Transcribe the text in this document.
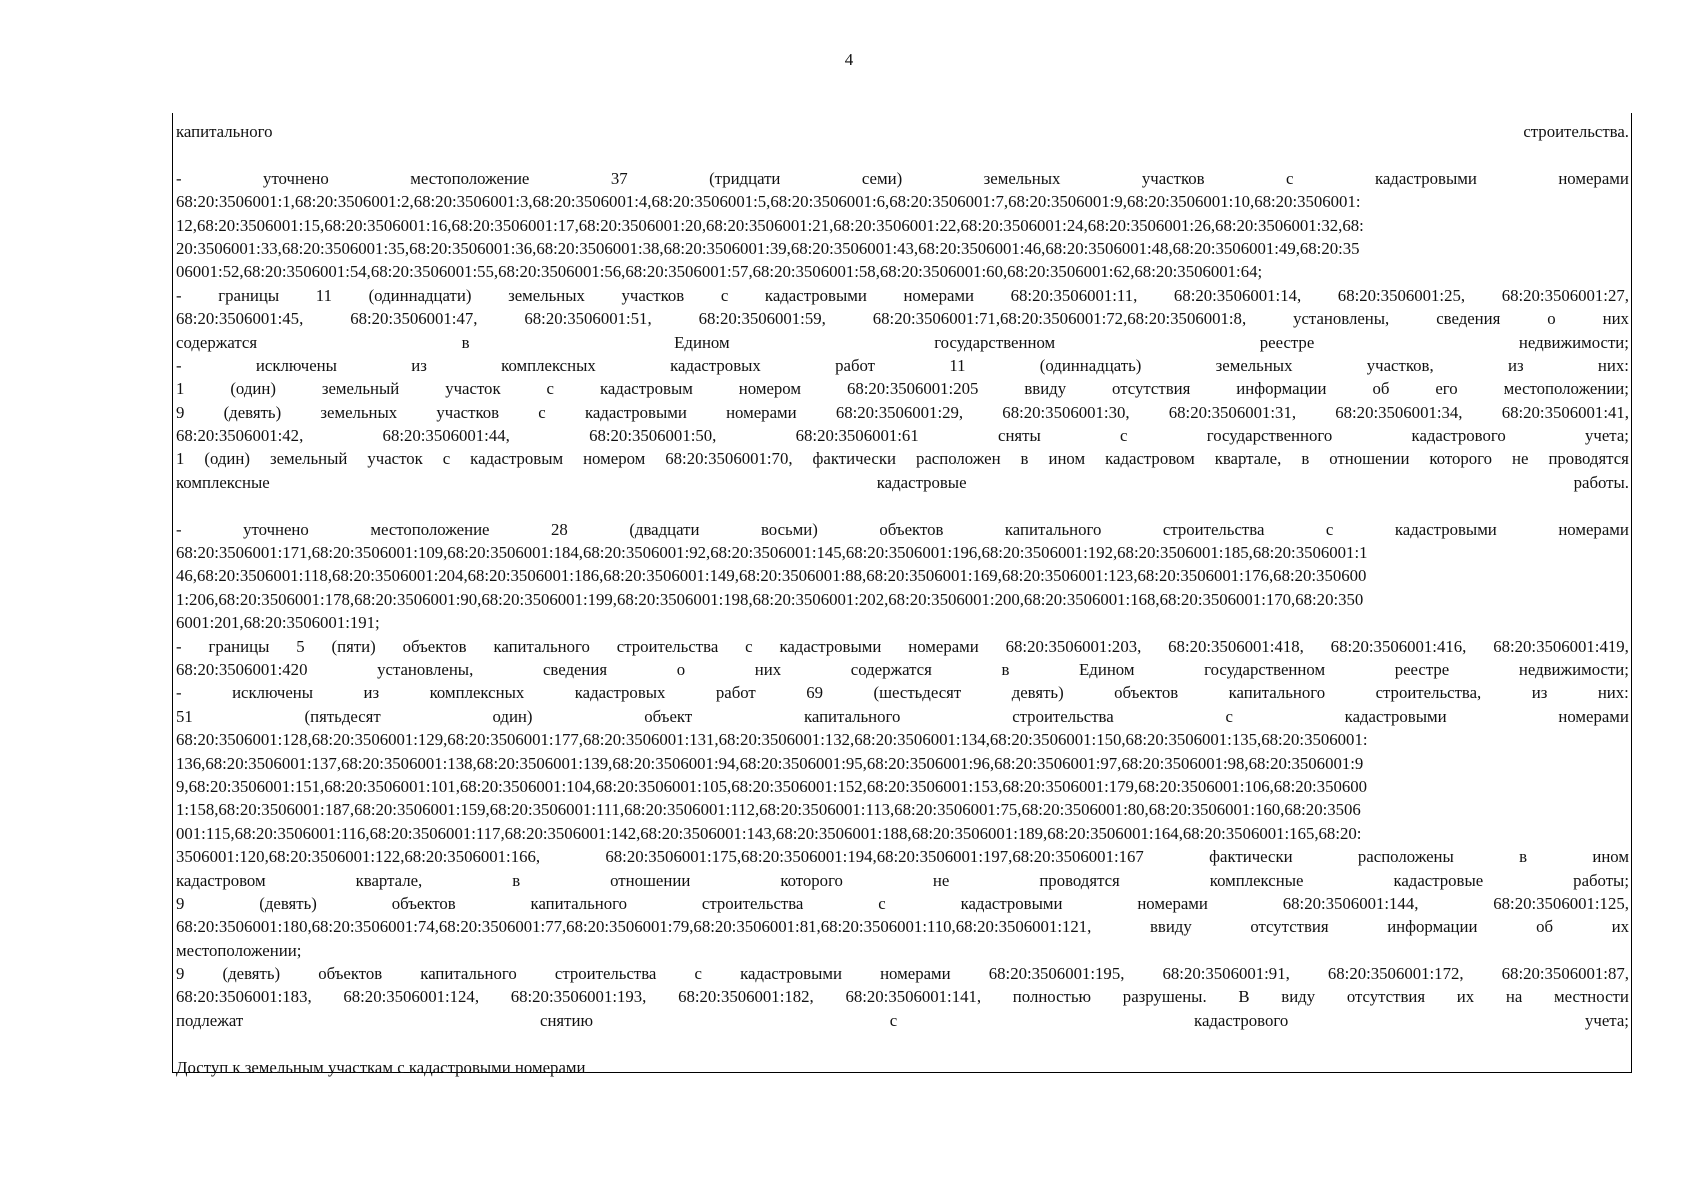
4
капитального	строительства.
-	уточнено	местоположение	37	(тридцати	семи)	земельных	участков	с	кадастровыми	номерами
68:20:3506001:1,68:20:3506001:2,68:20:3506001:3,68:20:3506001:4,68:20:3506001:5,68:20:3506001:6,68:20:3506001:7,68:20:3506001:9,68:20:3506001:10,68:20:3506001:
12,68:20:3506001:15,68:20:3506001:16,68:20:3506001:17,68:20:3506001:20,68:20:3506001:21,68:20:3506001:22,68:20:3506001:24,68:20:3506001:26,68:20:3506001:32,68:
20:3506001:33,68:20:3506001:35,68:20:3506001:36,68:20:3506001:38,68:20:3506001:39,68:20:3506001:43,68:20:3506001:46,68:20:3506001:48,68:20:3506001:49,68:20:35
06001:52,68:20:3506001:54,68:20:3506001:55,68:20:3506001:56,68:20:3506001:57,68:20:3506001:58,68:20:3506001:60,68:20:3506001:62,68:20:3506001:64;
- границы 11 (одиннадцати) земельных участков с кадастровыми номерами 68:20:3506001:11, 68:20:3506001:14, 68:20:3506001:25, 68:20:3506001:27,
68:20:3506001:45,	68:20:3506001:47,	68:20:3506001:51,	68:20:3506001:59,	68:20:3506001:71,68:20:3506001:72,68:20:3506001:8,	установлены,	сведения	о	них
содержатся	в	Едином	государственном	реестре	недвижимости;
-	исключены	из	комплексных	кадастровых	работ	11	(одиннадцать)	земельных	участков,	из	них:
1	(один)	земельный	участок	с	кадастровым	номером	68:20:3506001:205	ввиду	отсутствия	информации	об	его	местоположении;
9 (девять) земельных участков с кадастровыми номерами 68:20:3506001:29, 68:20:3506001:30, 68:20:3506001:31, 68:20:3506001:34, 68:20:3506001:41,
68:20:3506001:42,	68:20:3506001:44,	68:20:3506001:50,	68:20:3506001:61	сняты	с	государственного	кадастрового	учета;
1 (один) земельный участок с кадастровым номером 68:20:3506001:70, фактически расположен в ином кадастровом квартале, в отношении которого не проводятся
комплексные	кадастровые	работы.
-	уточнено	местоположение	28	(двадцати	восьми)	объектов	капитального	строительства	с	кадастровыми	номерами
68:20:3506001:171,68:20:3506001:109,68:20:3506001:184,68:20:3506001:92,68:20:3506001:145,68:20:3506001:196,68:20:3506001:192,68:20:3506001:185,68:20:3506001:1
46,68:20:3506001:118,68:20:3506001:204,68:20:3506001:186,68:20:3506001:149,68:20:3506001:88,68:20:3506001:169,68:20:3506001:123,68:20:3506001:176,68:20:350600
1:206,68:20:3506001:178,68:20:3506001:90,68:20:3506001:199,68:20:3506001:198,68:20:3506001:202,68:20:3506001:200,68:20:3506001:168,68:20:3506001:170,68:20:350
6001:201,68:20:3506001:191;
- границы 5 (пяти) объектов капитального строительства с кадастровыми номерами 68:20:3506001:203, 68:20:3506001:418, 68:20:3506001:416, 68:20:3506001:419,
68:20:3506001:420	установлены,	сведения	о	них	содержатся	в	Едином	государственном	реестре	недвижимости;
-	исключены	из	комплексных	кадастровых	работ	69	(шестьдесят	девять)	объектов	капитального	строительства,	из	них:
51	(пятьдесят	один)	объект	капитального	строительства	с	кадастровыми	номерами
68:20:3506001:128,68:20:3506001:129,68:20:3506001:177,68:20:3506001:131,68:20:3506001:132,68:20:3506001:134,68:20:3506001:150,68:20:3506001:135,68:20:3506001:
136,68:20:3506001:137,68:20:3506001:138,68:20:3506001:139,68:20:3506001:94,68:20:3506001:95,68:20:3506001:96,68:20:3506001:97,68:20:3506001:98,68:20:3506001:9
9,68:20:3506001:151,68:20:3506001:101,68:20:3506001:104,68:20:3506001:105,68:20:3506001:152,68:20:3506001:153,68:20:3506001:179,68:20:3506001:106,68:20:350600
1:158,68:20:3506001:187,68:20:3506001:159,68:20:3506001:111,68:20:3506001:112,68:20:3506001:113,68:20:3506001:75,68:20:3506001:80,68:20:3506001:160,68:20:3506
001:115,68:20:3506001:116,68:20:3506001:117,68:20:3506001:142,68:20:3506001:143,68:20:3506001:188,68:20:3506001:189,68:20:3506001:164,68:20:3506001:165,68:20:
3506001:120,68:20:3506001:122,68:20:3506001:166,	68:20:3506001:175,68:20:3506001:194,68:20:3506001:197,68:20:3506001:167	фактически	расположены	в	ином
кадастровом	квартале,	в	отношении	которого	не	проводятся	комплексные	кадастровые	работы;
9	(девять)	объектов	капитального	строительства	с	кадастровыми	номерами	68:20:3506001:144,	68:20:3506001:125,
68:20:3506001:180,68:20:3506001:74,68:20:3506001:77,68:20:3506001:79,68:20:3506001:81,68:20:3506001:110,68:20:3506001:121,	ввиду	отсутствия	информации	об	их
местоположении;
9 (девять) объектов капитального строительства с кадастровыми номерами 68:20:3506001:195, 68:20:3506001:91, 68:20:3506001:172, 68:20:3506001:87,
68:20:3506001:183, 68:20:3506001:124, 68:20:3506001:193, 68:20:3506001:182, 68:20:3506001:141, полностью разрушены. В виду отсутствия их на местности
подлежат	снятию	с	кадастрового	учета;
Доступ к земельным участкам с кадастровыми номерами
